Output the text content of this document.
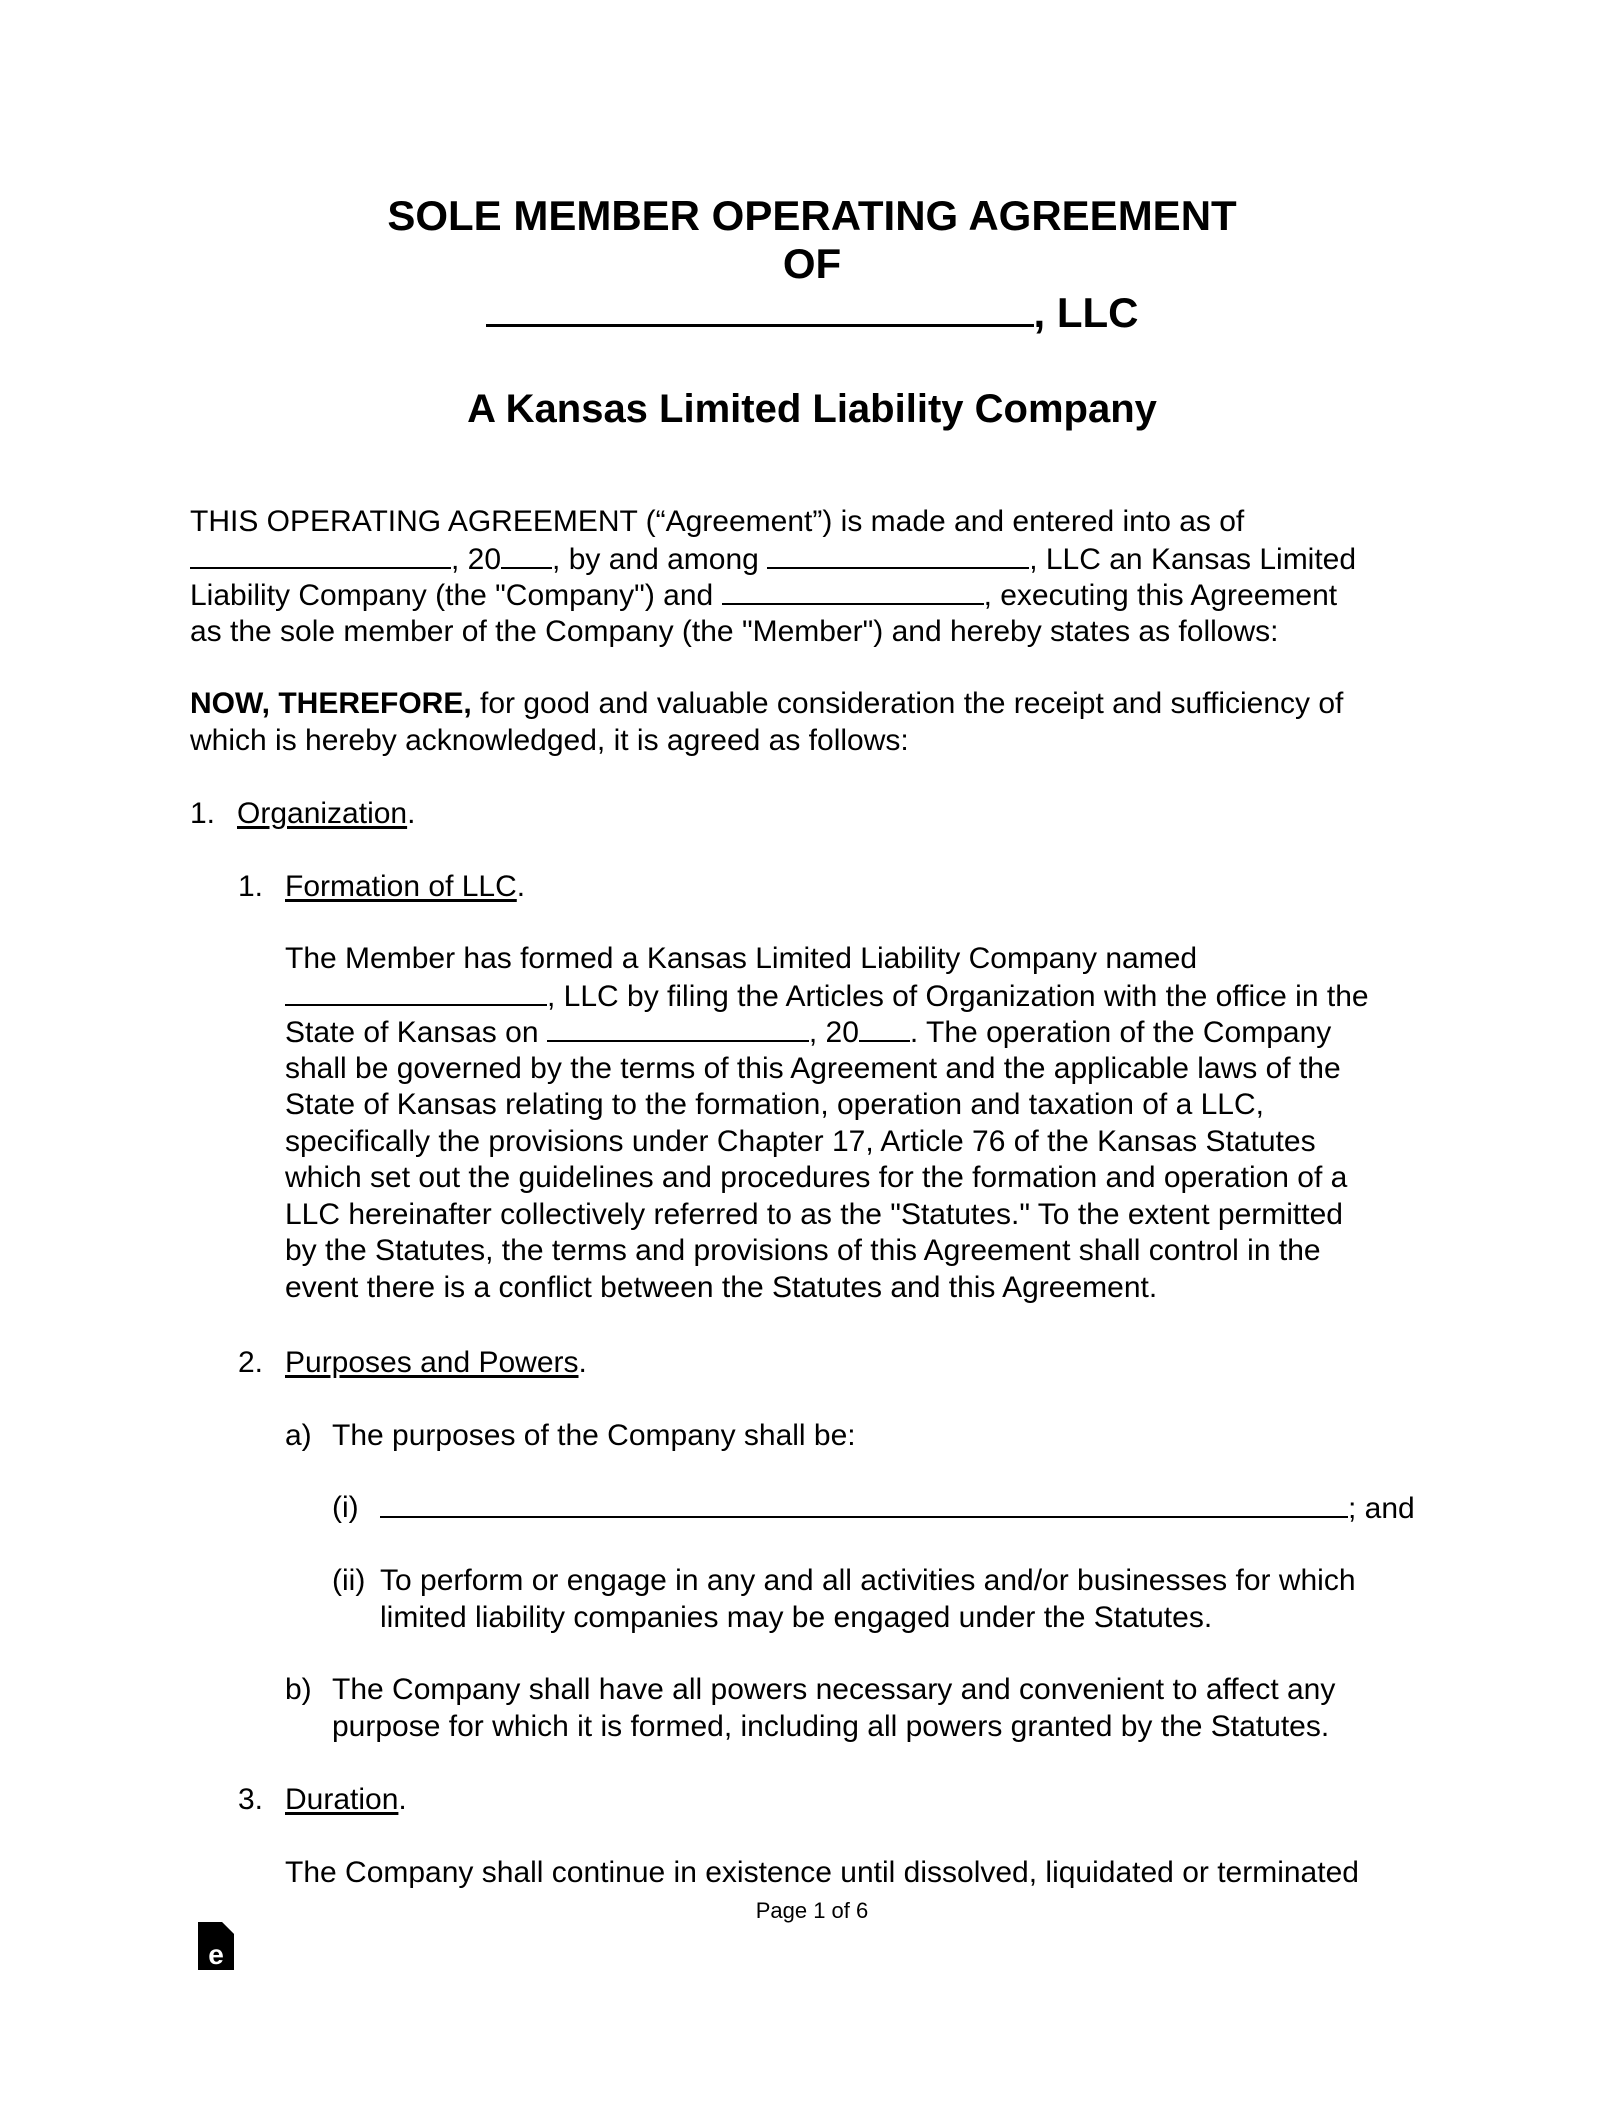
SOLE MEMBER OPERATING AGREEMENT
OF
, LLC
A Kansas Limited Liability Company
THIS OPERATING AGREEMENT (“Agreement”) is made and entered into as of
, 20 , by and among	, LLC an Kansas Limited
Liability Company (the "Company") and	, executing this Agreement
as the sole member of the Company (the "Member") and hereby states as follows:
NOW, THEREFORE, for good and valuable consideration the receipt and sufficiency of
which is hereby acknowledged, it is agreed as follows:
1. Organization.
1. Formation of LLC.
The Member has formed a Kansas Limited Liability Company named
, LLC by filing the Articles of Organization with the office in the
State of Kansas on	, 20 . The operation of the Company
shall be governed by the terms of this Agreement and the applicable laws of the
State of Kansas relating to the formation, operation and taxation of a LLC,
specifically the provisions under Chapter 17, Article 76 of the Kansas Statutes
which set out the guidelines and procedures for the formation and operation of a
LLC hereinafter collectively referred to as the "Statutes." To the extent permitted
by the Statutes, the terms and provisions of this Agreement shall control in the
event there is a conflict between the Statutes and this Agreement.
2. Purposes and Powers.
a) The purposes of the Company shall be:
(i)	; and
(ii) To perform or engage in any and all activities and/or businesses for which
limited liability companies may be engaged under the Statutes.
b) The Company shall have all powers necessary and convenient to affect any
purpose for which it is formed, including all powers granted by the Statutes.
3. Duration.
The Company shall continue in existence until dissolved, liquidated or terminated
Page 1 of 6
e
